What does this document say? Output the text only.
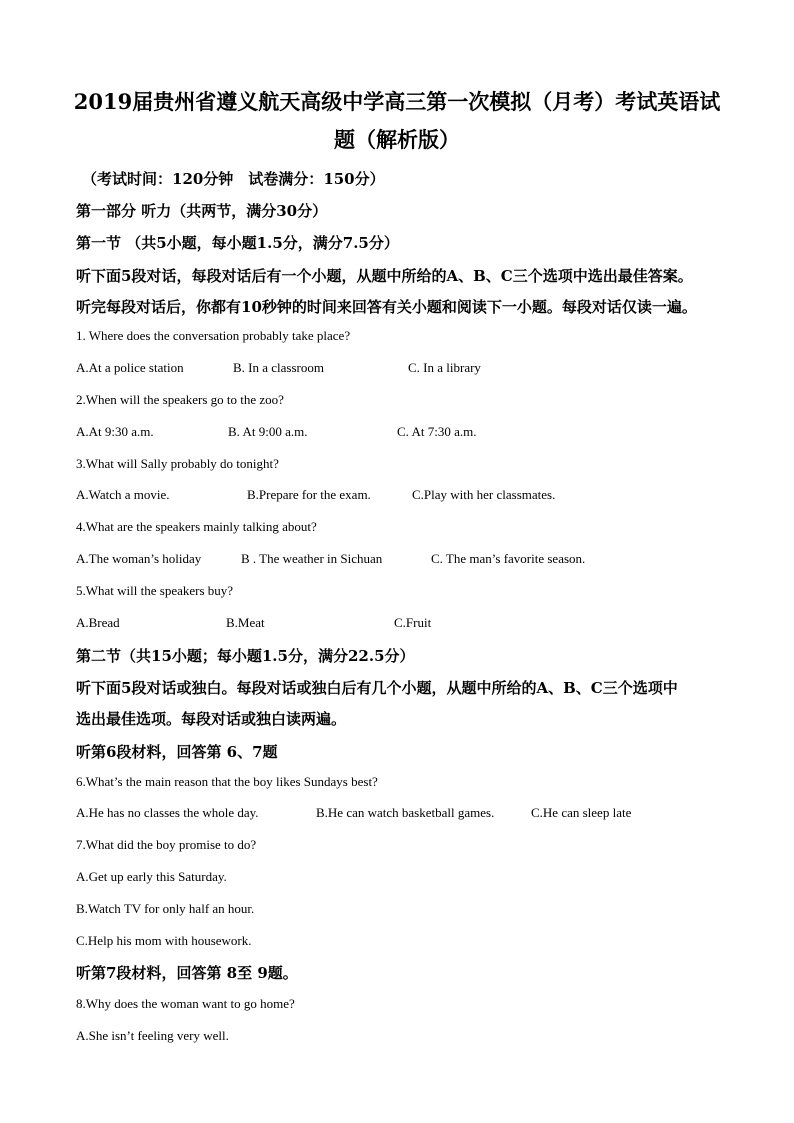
2019届贵州省遵义航天高级中学高三第一次模拟（月考）考试英语试
题（解析版）
（考试时间：120分钟　试卷满分：150分）
第一部分 听力（共两节，满分30分）
第一节 （共5小题，每小题1.5分，满分7.5分）
听下面5段对话，每段对话后有一个小题，从题中所给的A、B、C三个选项中选出最佳答案。
听完每段对话后，你都有10秒钟的时间来回答有关小题和阅读下一小题。每段对话仅读一遍。
1. Where does the conversation probably take place?
A.At a police station	B. In a classroom	C. In a library
2.When will the speakers go to the zoo?
A.At 9:30 a.m.	B. At 9:00 a.m.	C. At 7:30 a.m.
3.What will Sally probably do tonight?
A.Watch a movie.	B.Prepare for the exam.	C.Play with her classmates.
4.What are the speakers mainly talking about?
A.The woman’s holiday	B . The weather in Sichuan	C. The man’s favorite season.
5.What will the speakers buy?
A.Bread	B.Meat	C.Fruit
第二节（共15小题；每小题1.5分，满分22.5分）
听下面5段对话或独白。每段对话或独白后有几个小题，从题中所给的A、B、C三个选项中
选出最佳选项。每段对话或独白读两遍。
听第6段材料，回答第 6、7题
6.What’s the main reason that the boy likes Sundays best?
A.He has no classes the whole day.	B.He can watch basketball games.	C.He can sleep late
7.What did the boy promise to do?
A.Get up early this Saturday.
B.Watch TV for only half an hour.
C.Help his mom with housework.
听第7段材料，回答第 8至 9题。
8.Why does the woman want to go home?
A.She isn’t feeling very well.
